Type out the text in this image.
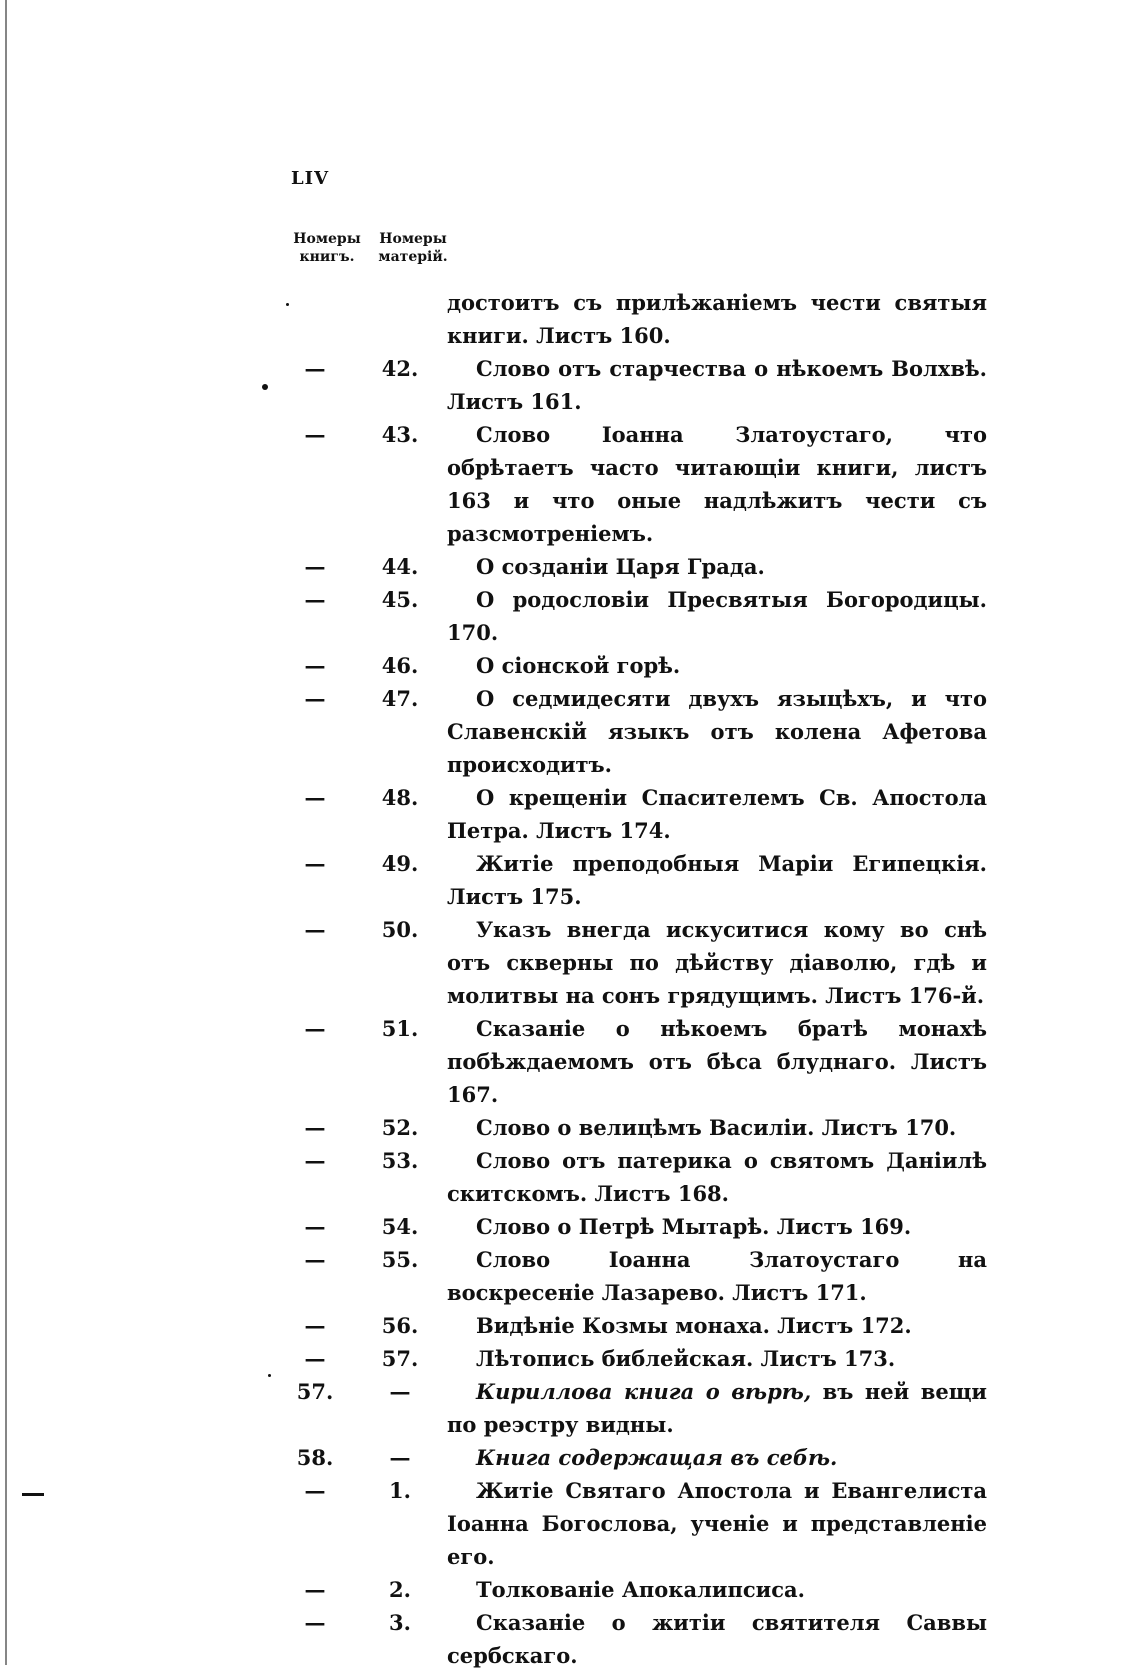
LIV
Номеры книгъ.
Номеры матерій.
достоитъ съ прилѣжаніемъ чести святыя книги. Листъ 160.
—	42.	Слово отъ старчества о нѣкоемъ Волхвѣ. Листъ 161.
—	43.	Слово Іоанна Златоустаго, что обрѣтаетъ часто читающіи книги, листъ 163 и что оные надлѣжитъ чести съ разсмотреніемъ.
—	44.	О созданіи Царя Града.
—	45.	О родословіи Пресвятыя Богородицы. 170.
—	46.	О сіонской горѣ.
—	47.	О седмидесяти двухъ языцѣхъ, и что Славенскій языкъ отъ колена Афетова происходитъ.
—	48.	О крещеніи Спасителемъ Св. Апостола Петра. Листъ 174.
—	49.	Житіе преподобныя Маріи Египецкія. Листъ 175.
—	50.	Указъ внегда искуситися кому во снѣ отъ скверны по дѣйству діаволю, гдѣ и молитвы на сонъ грядущимъ. Листъ 176-й.
—	51.	Сказаніе о нѣкоемъ братѣ монахѣ побѣждаемомъ отъ бѣса блуднаго. Листъ 167.
—	52.	Слово о велицѣмъ Василіи. Листъ 170.
—	53.	Слово отъ патерика о святомъ Даніилѣ скитскомъ. Листъ 168.
—	54.	Слово о Петрѣ Мытарѣ. Листъ 169.
—	55.	Слово Іоанна Златоустаго на воскресеніе Лазарево. Листъ 171.
—	56.	Видѣніе Козмы монаха. Листъ 172.
—	57.	Лѣтопись библейская. Листъ 173.
57.	—	Кириллова книга о вѣрѣ, въ ней вещи по реэстру видны.
58.	—	Книга содержащая въ себѣ.
—	1.	Житіе Святаго Апостола и Евангелиста Іоанна Богослова, ученіе и представленіе его.
—	2.	Толкованіе Апокалипсиса.
—	3.	Сказаніе о житіи святителя Саввы сербскаго.
